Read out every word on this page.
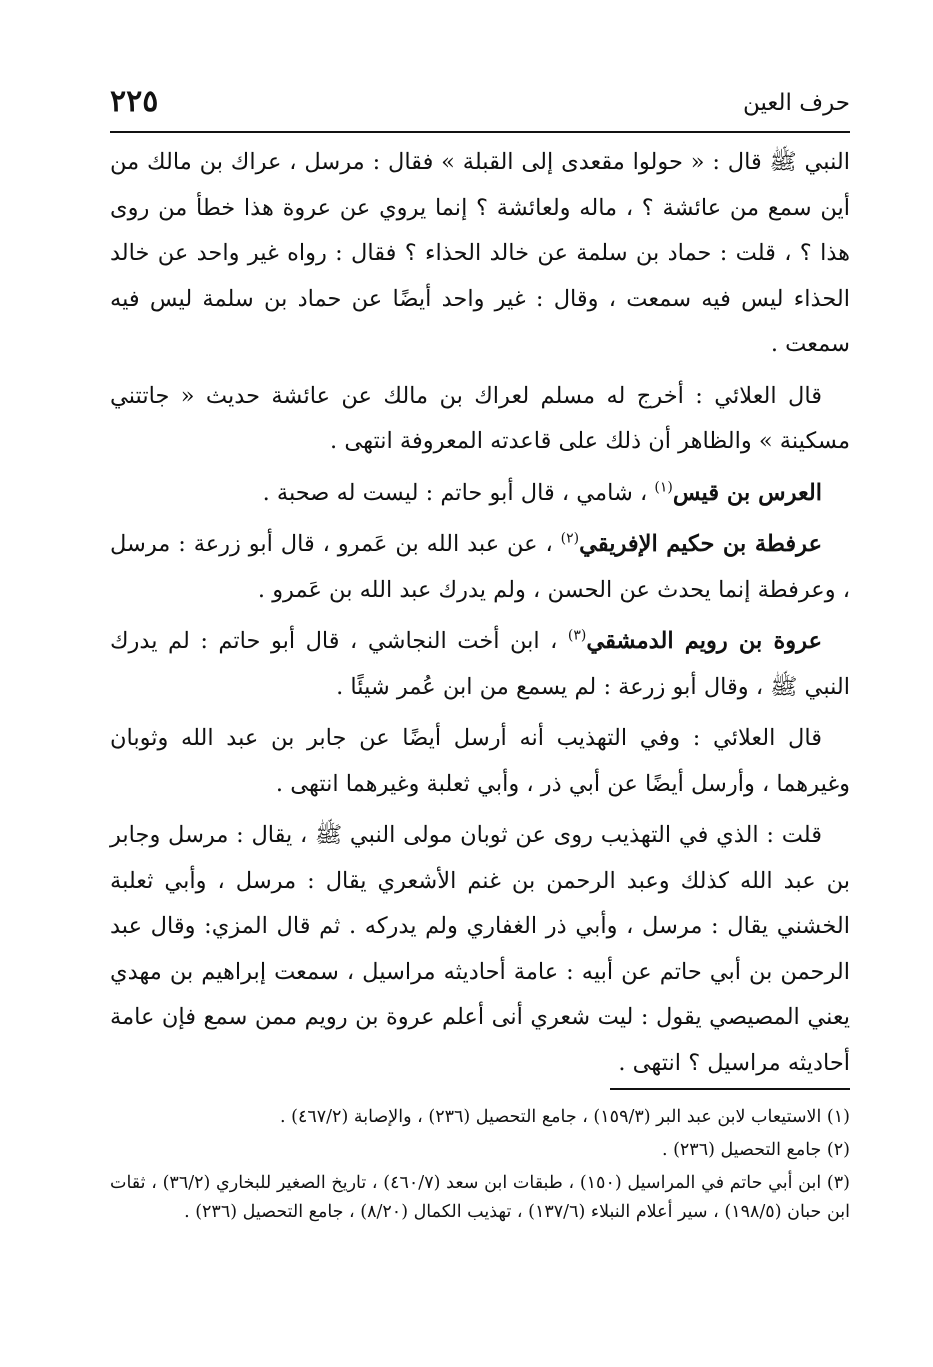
٢٢٥	حرف العين

النبي ﷺ قال : « حولوا مقعدى إلى القبلة » فقال : مرسل ، عراك بن مالك من أين سمع من عائشة ؟ ، ماله ولعائشة ؟ إنما يروي عن عروة هذا خطأ من روى هذا ؟ ، قلت : حماد بن سلمة عن خالد الحذاء ؟ فقال : رواه غير واحد عن خالد الحذاء ليس فيه سمعت ، وقال : غير واحد أيضًا عن حماد بن سلمة ليس فيه سمعت .

قال العلائي : أخرج له مسلم لعراك بن مالك عن عائشة حديث « جاتتني مسكينة » والظاهر أن ذلك على قاعدته المعروفة انتهى .

العرس بن قيس$^{(١)}$ ، شامي ، قال أبو حاتم : ليست له صحبة .

عرفطة بن حكيم الإفريقي$^{(٢)}$ ، عن عبد الله بن عَمرو ، قال أبو زرعة : مرسل ، وعرفطة إنما يحدث عن الحسن ، ولم يدرك عبد الله بن عَمرو .

عروة بن رويم الدمشقي$^{(٣)}$ ، ابن أخت النجاشي ، قال أبو حاتم : لم يدرك النبي ﷺ ، وقال أبو زرعة : لم يسمع من ابن عُمر شيئًا .

قال العلائي : وفي التهذيب أنه أرسل أيضًا عن جابر بن عبد الله وثوبان وغيرهما ، وأرسل أيضًا عن أبي ذر ، وأبي ثعلبة وغيرهما انتهى .

قلت : الذي في التهذيب روى عن ثوبان مولى النبي ﷺ ، يقال : مرسل وجابر بن عبد الله كذلك وعبد الرحمن بن غنم الأشعري يقال : مرسل ، وأبي ثعلبة الخشني يقال : مرسل ، وأبي ذر الغفاري ولم يدركه . ثم قال المزي: وقال عبد الرحمن بن أبي حاتم عن أبيه : عامة أحاديثه مراسيل ، سمعت إبراهيم بن مهدي يعني المصيصي يقول : ليت شعري أنى أعلم عروة بن رويم ممن سمع فإن عامة أحاديثه مراسيل ؟ انتهى .

(١) الاستيعاب لابن عبد البر (١٥٩/٣) ، جامع التحصيل (٢٣٦) ، والإصابة (٤٦٧/٢) .

(٢) جامع التحصيل (٢٣٦) .

(٣) ابن أبي حاتم في المراسيل (١٥٠) ، طبقات ابن سعد (٤٦٠/٧) ، تاريخ الصغير للبخاري (٣٦/٢) ، ثقات ابن حبان (١٩٨/٥) ، سير أعلام النبلاء (١٣٧/٦) ، تهذيب الكمال (٨/٢٠) ، جامع التحصيل (٢٣٦) .
